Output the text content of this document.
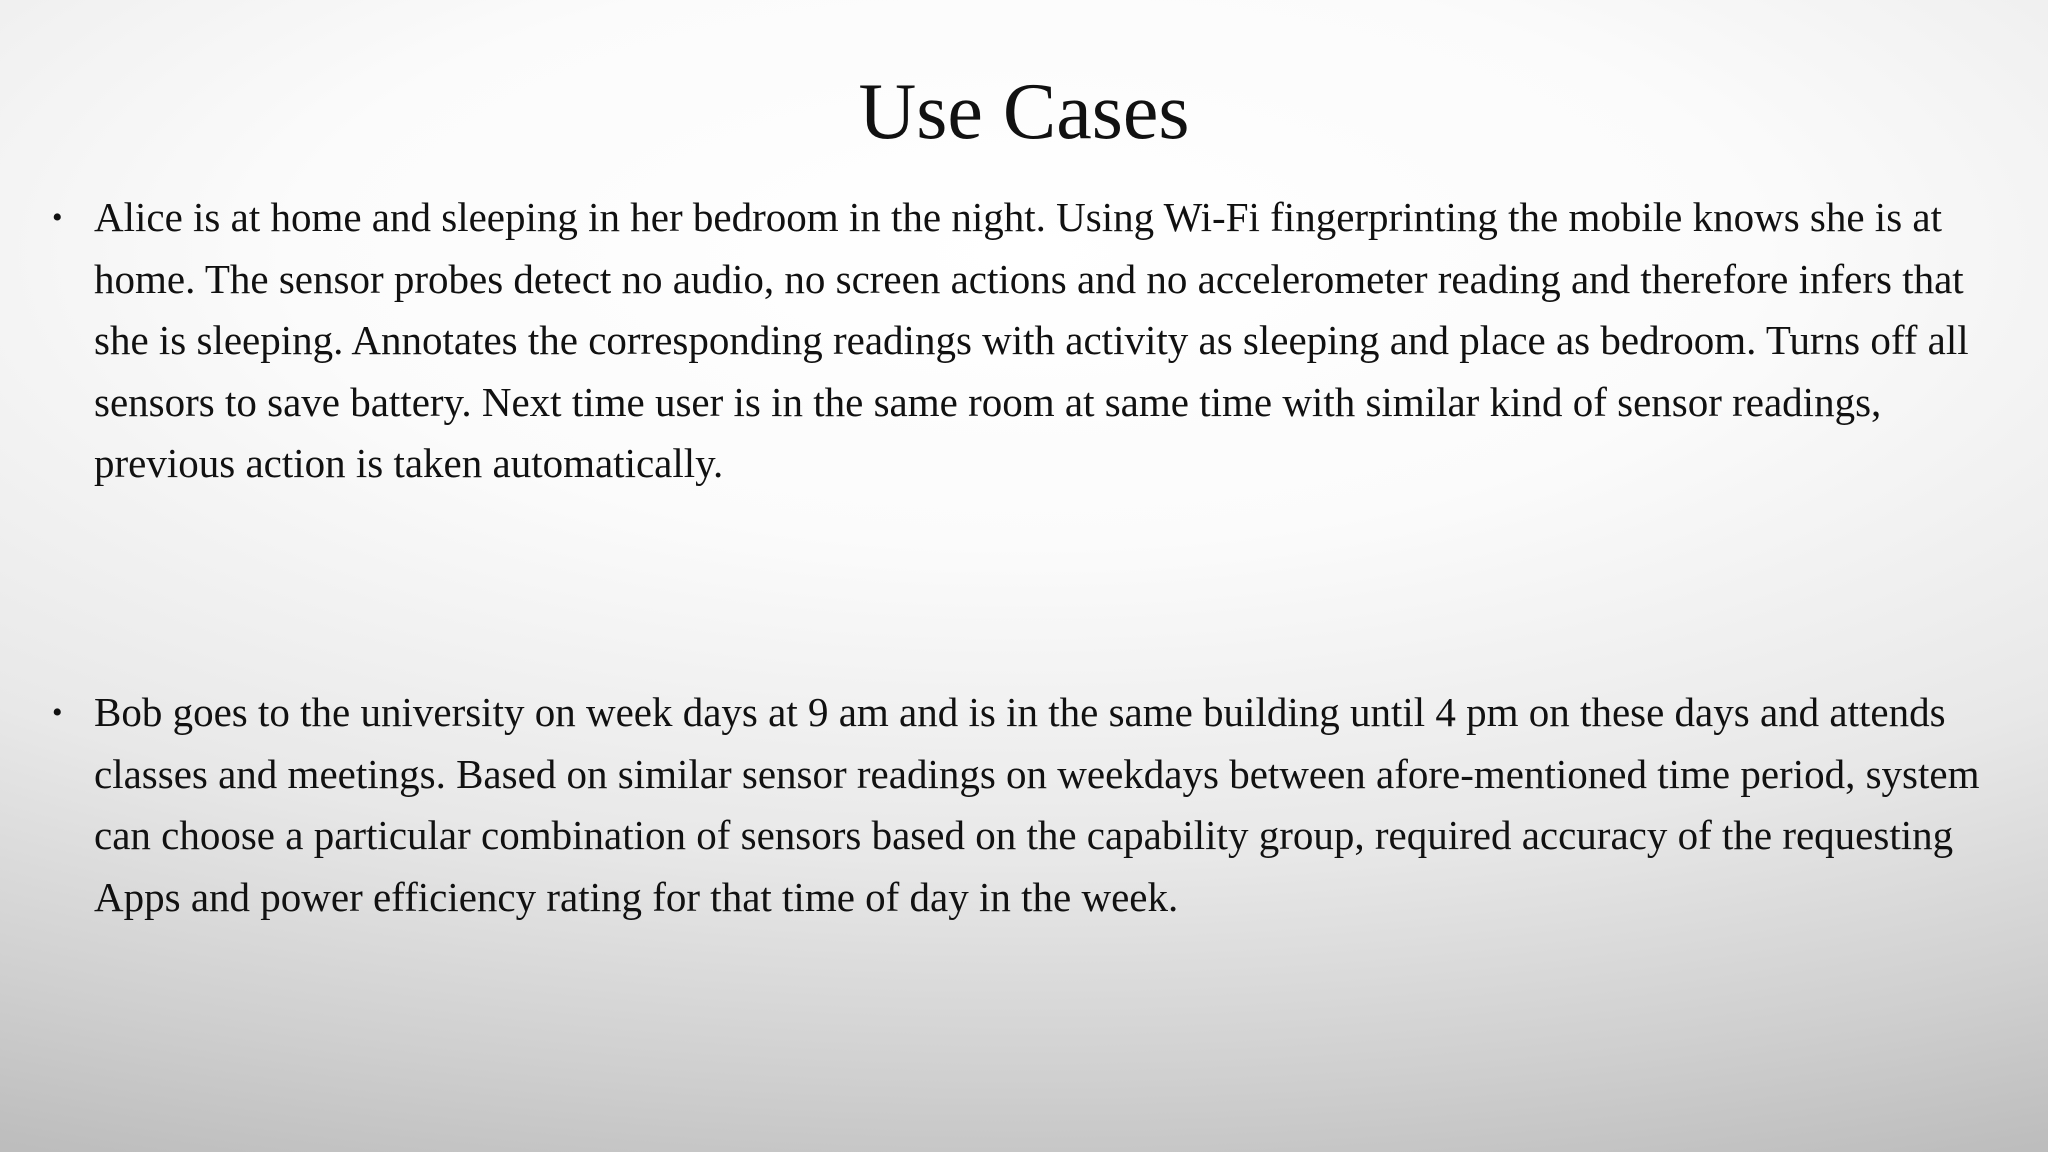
Use Cases
• Alice is at home and sleeping in her bedroom in the night. Using Wi-Fi fingerprinting the mobile knows she is at home. The sensor probes detect no audio, no screen actions and no accelerometer reading and therefore infers that she is sleeping. Annotates the corresponding readings with activity as sleeping and place as bedroom. Turns off all sensors to save battery. Next time user is in the same room at same time with similar kind of sensor readings, previous action is taken automatically.

• Bob goes to the university on week days at 9 am and is in the same building until 4 pm on these days and attends classes and meetings. Based on similar sensor readings on weekdays between afore-mentioned time period, system can choose a particular combination of sensors based on the capability group, required accuracy of the requesting Apps and power efficiency rating for that time of day in the week.
